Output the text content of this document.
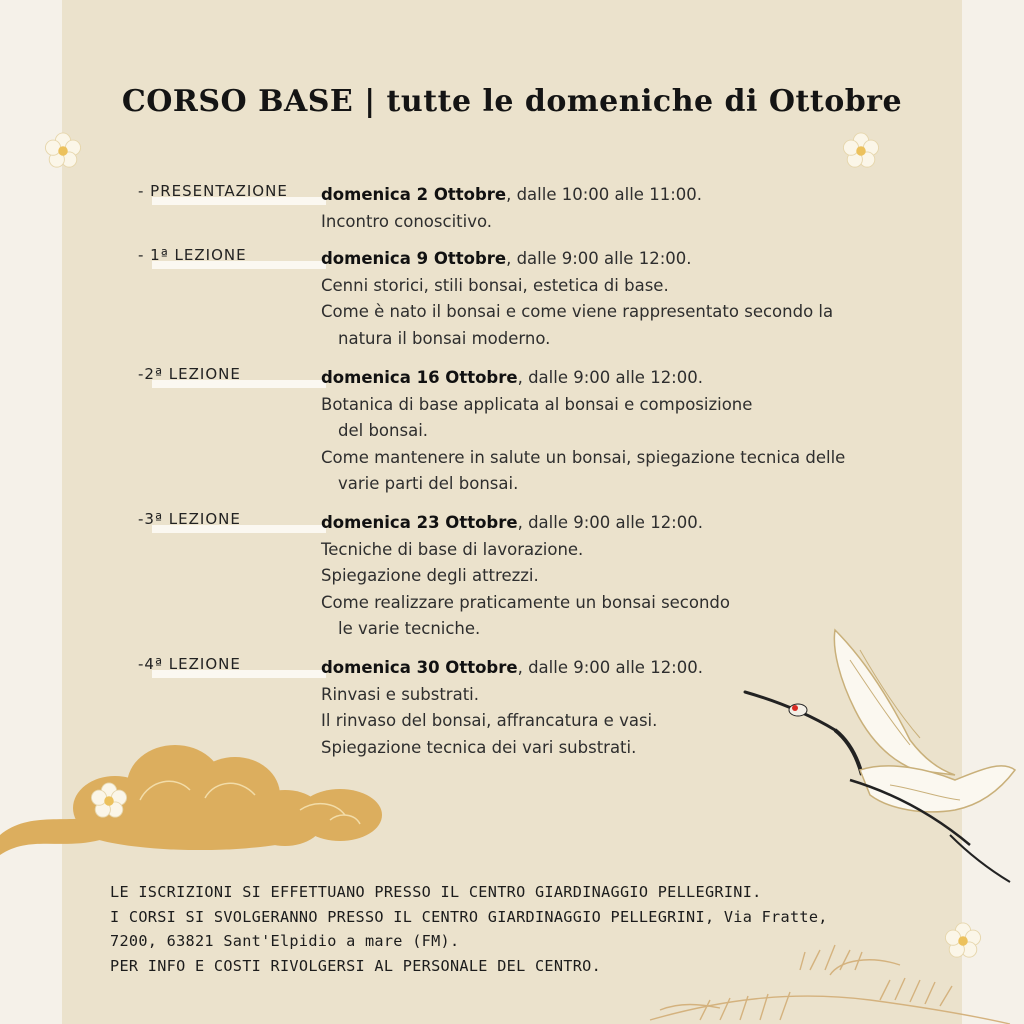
CORSO BASE | tutte le domeniche di Ottobre
- PRESENTAZIONE domenica 2 Ottobre, dalle 10:00 alle 11:00.

Incontro conoscitivo.

- 1ª LEZIONE	domenica 9 Ottobre, dalle 9:00 alle 12:00.

Cenni storici, stili bonsai, estetica di base.

Come è nato il bonsai e come viene rappresentato secondo la

natura il bonsai moderno.

-2ª LEZIONE	domenica 16 Ottobre, dalle 9:00 alle 12:00.

Botanica di base applicata al bonsai e composizione

del bonsai.

Come mantenere in salute un bonsai, spiegazione tecnica delle

varie parti del bonsai.

-3ª LEZIONE	domenica 23 Ottobre, dalle 9:00 alle 12:00.

Tecniche di base di lavorazione.

Spiegazione degli attrezzi.

Come realizzare praticamente un bonsai secondo

le varie tecniche.

-4ª LEZIONE	domenica 30 Ottobre, dalle 9:00 alle 12:00.

Rinvasi e substrati.

Il rinvaso del bonsai, affrancatura e vasi.

Spiegazione tecnica dei vari substrati.

LE ISCRIZIONI SI EFFETTUANO PRESSO IL CENTRO GIARDINAGGIO PELLEGRINI.

I CORSI SI SVOLGERANNO PRESSO IL CENTRO GIARDINAGGIO PELLEGRINI, Via Fratte,

7200, 63821 Sant'Elpidio a mare (FM).

PER INFO E COSTI RIVOLGERSI AL PERSONALE DEL CENTRO.
